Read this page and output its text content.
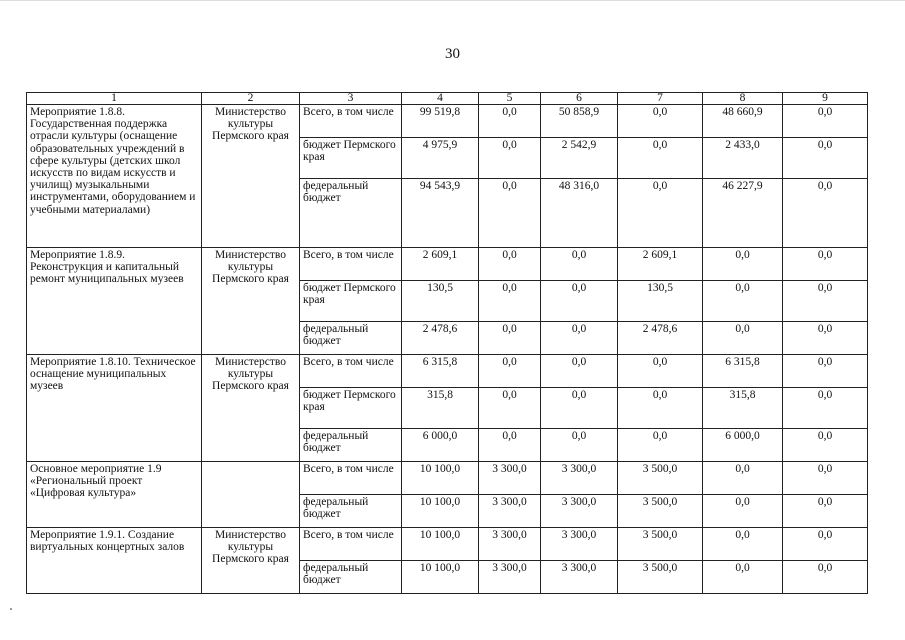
30
1	2	3	4	5	6	7	8	9
Мероприятие 1.8.8. Государственная поддержка отрасли культуры (оснащение образовательных учреждений в сфере культуры (детских школ искусств по видам искусств и училищ) музыкальными инструментами, оборудованием и учебными материалами)	Министерство культуры Пермского края	Всего, в том числе	99 519,8	0,0	50 858,9	0,0	48 660,9	0,0
		бюджет Пермского края	4 975,9	0,0	2 542,9	0,0	2 433,0	0,0
		федеральный бюджет	94 543,9	0,0	48 316,0	0,0	46 227,9	0,0
Мероприятие 1.8.9. Реконструкция и капитальный ремонт муниципальных музеев	Министерство культуры Пермского края	Всего, в том числе	2 609,1	0,0	0,0	2 609,1	0,0	0,0
		бюджет Пермского края	130,5	0,0	0,0	130,5	0,0	0,0
		федеральный бюджет	2 478,6	0,0	0,0	2 478,6	0,0	0,0
Мероприятие 1.8.10. Техническое оснащение муниципальных музеев	Министерство культуры Пермского края	Всего, в том числе	6 315,8	0,0	0,0	0,0	6 315,8	0,0
		бюджет Пермского края	315,8	0,0	0,0	0,0	315,8	0,0
		федеральный бюджет	6 000,0	0,0	0,0	0,0	6 000,0	0,0
Основное мероприятие 1.9 «Региональный проект «Цифровая культура»		Всего, в том числе	10 100,0	3 300,0	3 300,0	3 500,0	0,0	0,0
		федеральный бюджет	10 100,0	3 300,0	3 300,0	3 500,0	0,0	0,0
Мероприятие 1.9.1. Создание виртуальных концертных залов	Министерство культуры Пермского края	Всего, в том числе	10 100,0	3 300,0	3 300,0	3 500,0	0,0	0,0
		федеральный бюджет	10 100,0	3 300,0	3 300,0	3 500,0	0,0	0,0
